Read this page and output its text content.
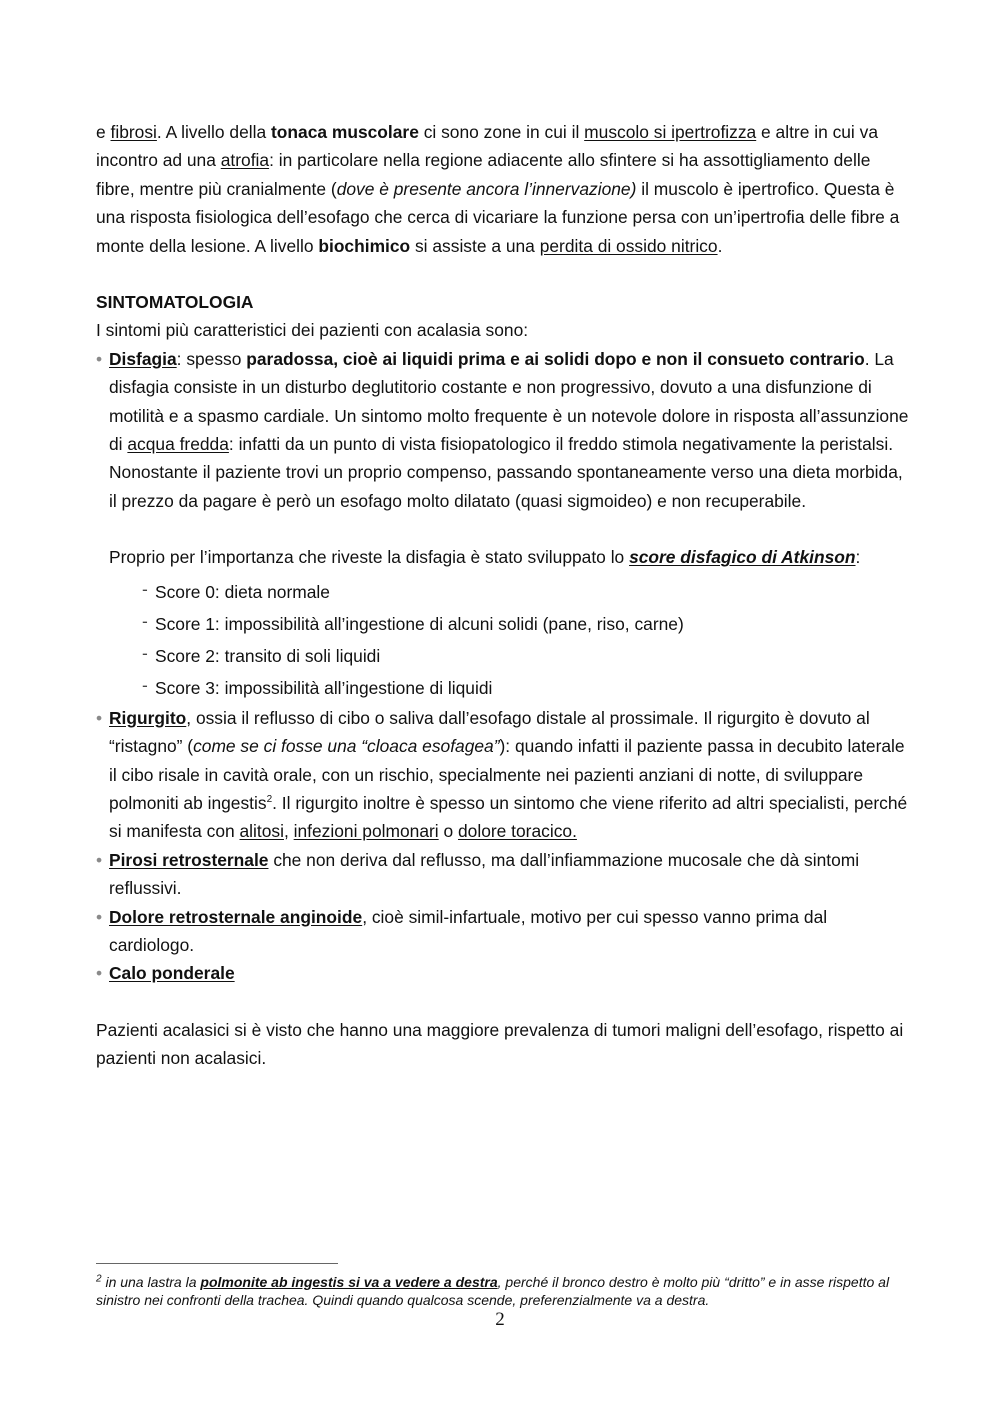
e fibrosi. A livello della tonaca muscolare ci sono zone in cui il muscolo si ipertrofizza e altre in cui va incontro ad una atrofia: in particolare nella regione adiacente allo sfintere si ha assottigliamento delle fibre, mentre più cranialmente (dove è presente ancora l’innervazione) il muscolo è ipertrofico. Questa è una risposta fisiologica dell’esofago che cerca di vicariare la funzione persa con un’ipertrofia delle fibre a monte della lesione. A livello biochimico si assiste a una perdita di ossido nitrico.

SINTOMATOLOGIA

I sintomi più caratteristici dei pazienti con acalasia sono:

• Disfagia: spesso paradossa, cioè ai liquidi prima e ai solidi dopo e non il consueto contrario. La disfagia consiste in un disturbo deglutitorio costante e non progressivo, dovuto a una disfunzione di motilità e a spasmo cardiale. Un sintomo molto frequente è un notevole dolore in risposta all’assunzione di acqua fredda: infatti da un punto di vista fisiopatologico il freddo stimola negativamente la peristalsi. Nonostante il paziente trovi un proprio compenso, passando spontaneamente verso una dieta morbida, il prezzo da pagare è però un esofago molto dilatato (quasi sigmoideo) e non recuperabile.

Proprio per l’importanza che riveste la disfagia è stato sviluppato lo score disfagico di Atkinson:

- Score 0: dieta normale
- Score 1: impossibilità all’ingestione di alcuni solidi (pane, riso, carne)
- Score 2: transito di soli liquidi
- Score 3: impossibilità all’ingestione di liquidi
• Rigurgito, ossia il reflusso di cibo o saliva dall’esofago distale al prossimale. Il rigurgito è dovuto al “ristagno” (come se ci fosse una “cloaca esofagea”): quando infatti il paziente passa in decubito laterale il cibo risale in cavità orale, con un rischio, specialmente nei pazienti anziani di notte, di sviluppare polmoniti ab ingestis$^2$. Il rigurgito inoltre è spesso un sintomo che viene riferito ad altri specialisti, perché si manifesta con alitosi, infezioni polmonari o dolore toracico.
• Pirosi retrosternale che non deriva dal reflusso, ma dall’infiammazione mucosale che dà sintomi reflussivi.
• Dolore retrosternale anginoide, cioè simil-infartuale, motivo per cui spesso vanno prima dal cardiologo.
• Calo ponderale

Pazienti acalasici si è visto che hanno una maggiore prevalenza di tumori maligni dell’esofago, rispetto ai pazienti non acalasici.

$^2$ in una lastra la polmonite ab ingestis si va a vedere a destra, perché il bronco destro è molto più “dritto” e in asse rispetto al sinistro nei confronti della trachea. Quindi quando qualcosa scende, preferenzialmente va a destra.
2
